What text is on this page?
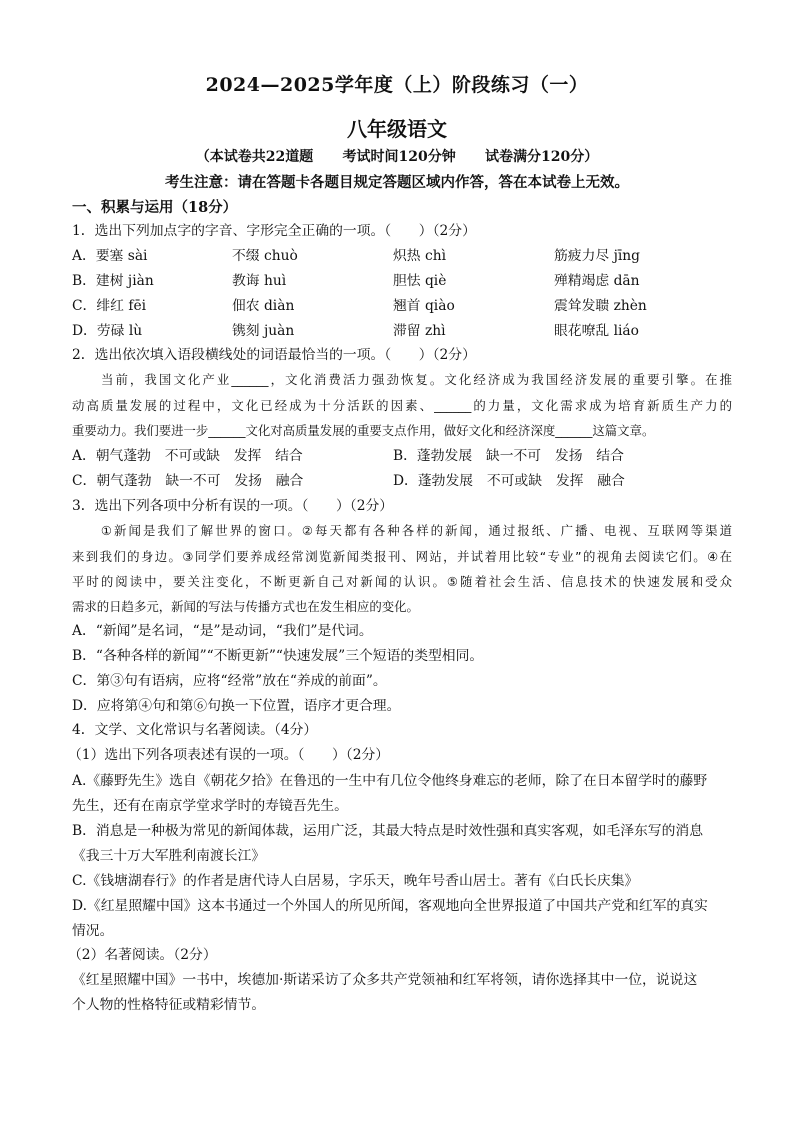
2024—2025学年度（上）阶段练习（一）
八年级语文
（本试卷共22道题      考试时间120分钟      试卷满分120分）
考生注意：请在答题卡各题目规定答题区域内作答，答在本试卷上无效。
一、积累与运用（18分）
1．选出下列加点字的字音、字形完全正确的一项。（　　）（2分）
A．要塞 sài	不缀 chuò	炽热 chì	筋疲力尽 jīng
B．建树 jiàn	教诲 huì	胆怯 qiè	殚精竭虑 dān
C．绯红 fēi	佃农 diàn	翘首 qiào	震耸发聩 zhèn
D．劳碌 lù	镌刻 juàn	滞留 zhì	眼花嘹乱 liáo
2．选出依次填入语段横线处的词语最恰当的一项。（　　）（2分）
　　当前，我国文化产业______，文化消费活力强劲恢复。文化经济成为我国经济发展的重要引擎。在推
动高质量发展的过程中，文化已经成为十分活跃的因素、______的力量，文化需求成为培育新质生产力的
重要动力。我们要进一步______文化对高质量发展的重要支点作用，做好文化和经济深度______这篇文章。
A．朝气蓬勃　不可或缺　发挥　结合	B．蓬勃发展　缺一不可　发扬　结合
C．朝气蓬勃　缺一不可　发扬　融合	D．蓬勃发展　不可或缺　发挥　融合
3．选出下列各项中分析有误的一项。（　　）（2分）
　　①新闻是我们了解世界的窗口。②每天都有各种各样的新闻，通过报纸、广播、电视、互联网等渠道
来到我们的身边。③同学们要养成经常浏览新闻类报刊、网站，并试着用比较“专业”的视角去阅读它们。④在
平时的阅读中，要关注变化，不断更新自己对新闻的认识。⑤随着社会生活、信息技术的快速发展和受众
需求的日趋多元，新闻的写法与传播方式也在发生相应的变化。
A．“新闻”是名词，“是”是动词，“我们”是代词。
B．“各种各样的新闻”“不断更新”“快速发展”三个短语的类型相同。
C．第③句有语病，应将“经常”放在“养成的前面”。
D．应将第④句和第⑥句换一下位置，语序才更合理。
4．文学、文化常识与名著阅读。（4分）
（1）选出下列各项表述有误的一项。（　　）（2分）
A.《藤野先生》选自《朝花夕拾》在鲁迅的一生中有几位令他终身难忘的老师，除了在日本留学时的藤野
先生，还有在南京学堂求学时的寿镜吾先生。
B．消息是一种极为常见的新闻体裁，运用广泛，其最大特点是时效性强和真实客观，如毛泽东写的消息
《我三十万大军胜利南渡长江》
C.《钱塘湖春行》的作者是唐代诗人白居易，字乐天，晚年号香山居士。著有《白氏长庆集》
D.《红星照耀中国》这本书通过一个外国人的所见所闻，客观地向全世界报道了中国共产党和红军的真实
情况。
（2）名著阅读。（2分）
《红星照耀中国》一书中，埃德加·斯诺采访了众多共产党领袖和红军将领，请你选择其中一位，说说这
个人物的性格特征或精彩情节。
